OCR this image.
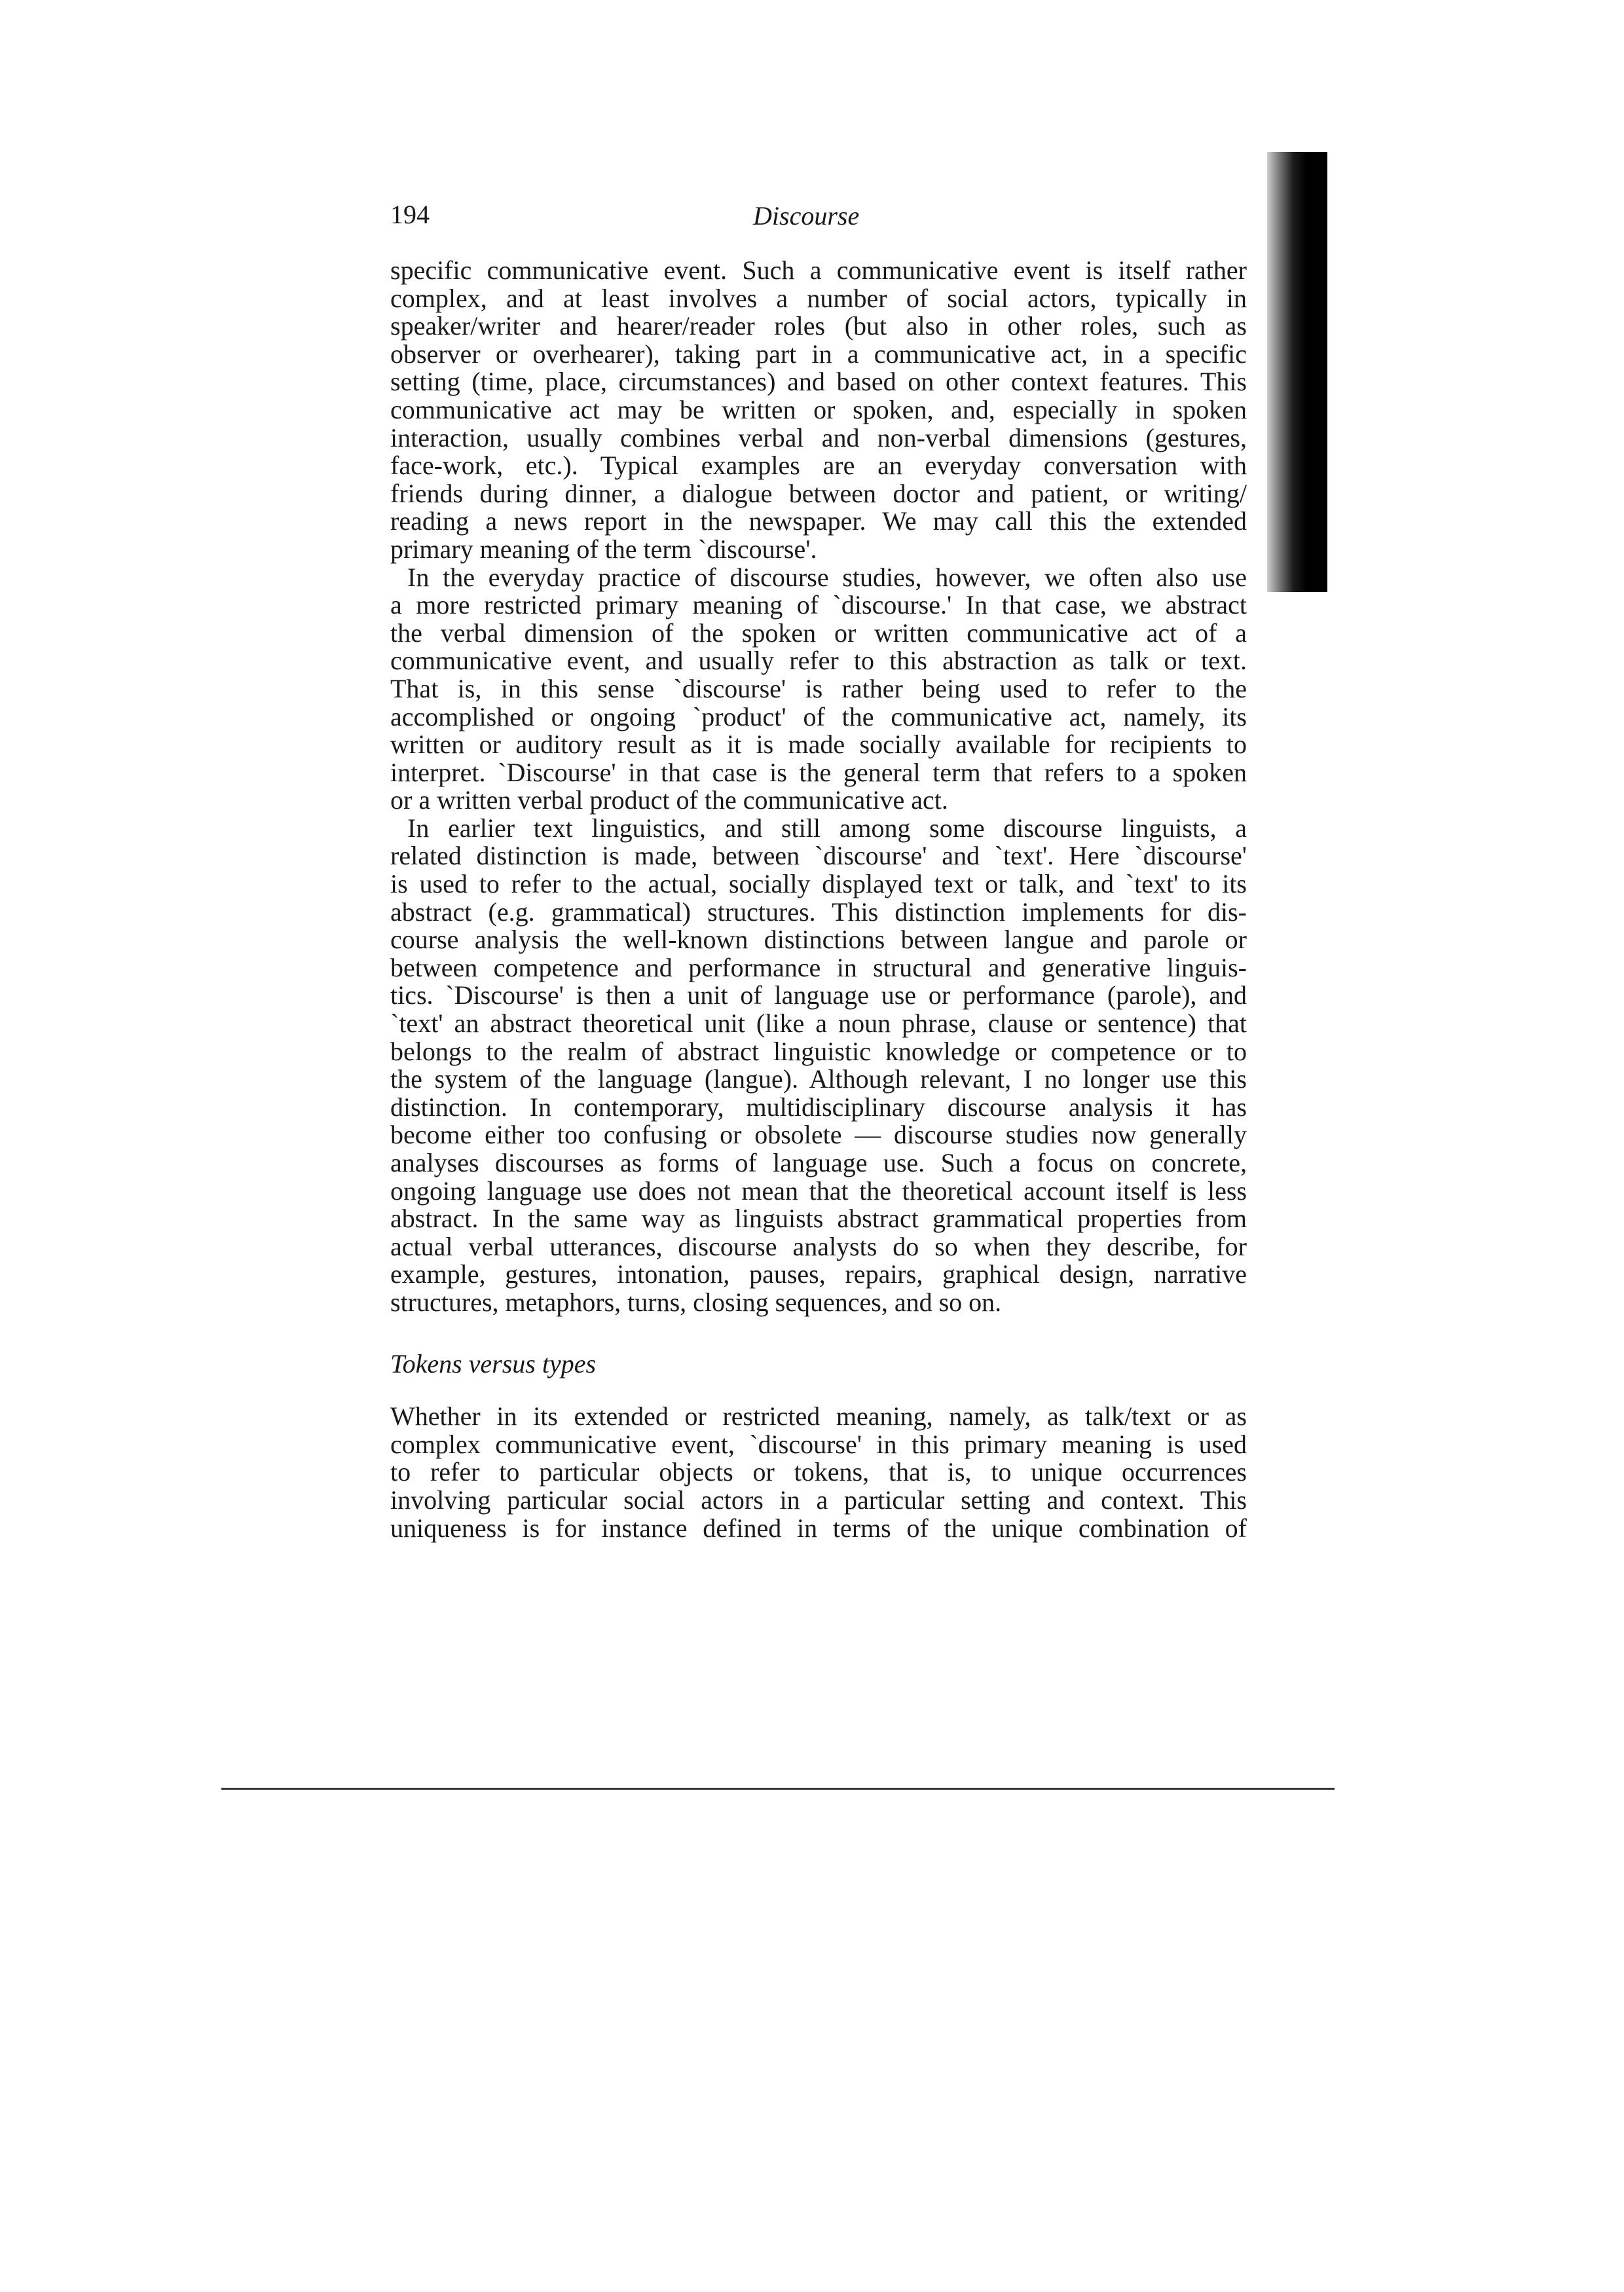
194	Discourse
specific communicative event. Such a communicative event is itself rather
complex, and at least involves a number of social actors, typically in
speaker/writer and hearer/reader roles (but also in other roles, such as
observer or overhearer), taking part in a communicative act, in a specific
setting (time, place, circumstances) and based on other context features. This
communicative act may be written or spoken, and, especially in spoken
interaction, usually combines verbal and non-verbal dimensions (gestures,
face-work, etc.). Typical examples are an everyday conversation with
friends during dinner, a dialogue between doctor and patient, or writing/
reading a news report in the newspaper. We may call this the extended
primary meaning of the term `discourse'.
In the everyday practice of discourse studies, however, we often also use
a more restricted primary meaning of `discourse.' In that case, we abstract
the verbal dimension of the spoken or written communicative act of a
communicative event, and usually refer to this abstraction as talk or text.
That is, in this sense `discourse' is rather being used to refer to the
accomplished or ongoing `product' of the communicative act, namely, its
written or auditory result as it is made socially available for recipients to
interpret. `Discourse' in that case is the general term that refers to a spoken
or a written verbal product of the communicative act.
In earlier text linguistics, and still among some discourse linguists, a
related distinction is made, between `discourse' and `text'. Here `discourse'
is used to refer to the actual, socially displayed text or talk, and `text' to its
abstract (e.g. grammatical) structures. This distinction implements for dis-
course analysis the well-known distinctions between langue and parole or
between competence and performance in structural and generative linguis-
tics. `Discourse' is then a unit of language use or performance (parole), and
`text' an abstract theoretical unit (like a noun phrase, clause or sentence) that
belongs to the realm of abstract linguistic knowledge or competence or to
the system of the language (langue). Although relevant, I no longer use this
distinction. In contemporary, multidisciplinary discourse analysis it has
become either too confusing or obsolete — discourse studies now generally
analyses discourses as forms of language use. Such a focus on concrete,
ongoing language use does not mean that the theoretical account itself is less
abstract. In the same way as linguists abstract grammatical properties from
actual verbal utterances, discourse analysts do so when they describe, for
example, gestures, intonation, pauses, repairs, graphical design, narrative
structures, metaphors, turns, closing sequences, and so on.
Tokens versus types
Whether in its extended or restricted meaning, namely, as talk/text or as
complex communicative event, `discourse' in this primary meaning is used
to refer to particular objects or tokens, that is, to unique occurrences
involving particular social actors in a particular setting and context. This
uniqueness is for instance defined in terms of the unique combination of
